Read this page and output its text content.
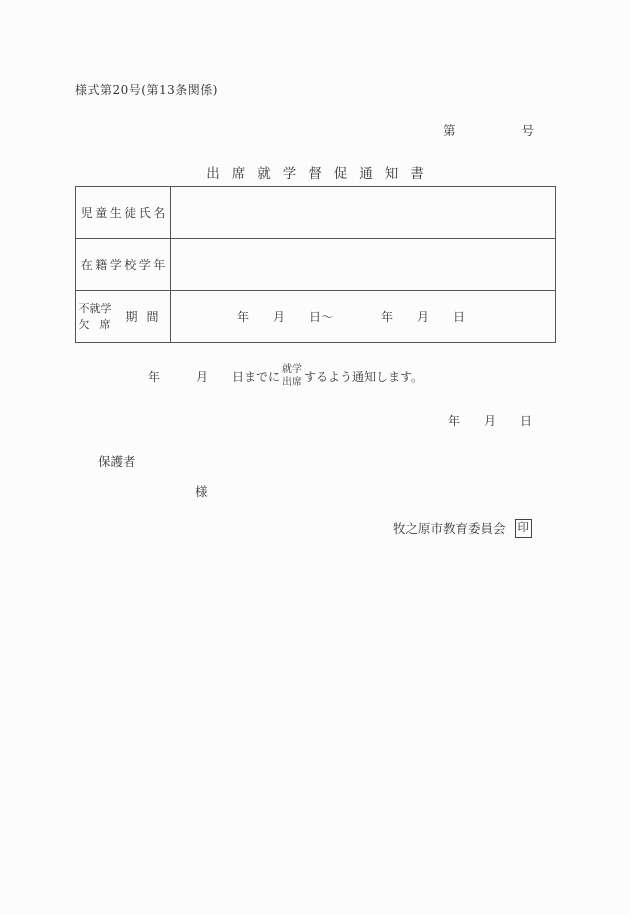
様式第20号(第13条関係)
第	号
出席就学督促通知書
児童生徒氏名
在籍学校学年
不就学
欠席 期間	年　　月　　日〜　　　　年　　月　　日
年　　　月　　日までに 就学
出席 するよう通知します。
年　　月　　日
保護者
様
牧之原市教育委員会 印
